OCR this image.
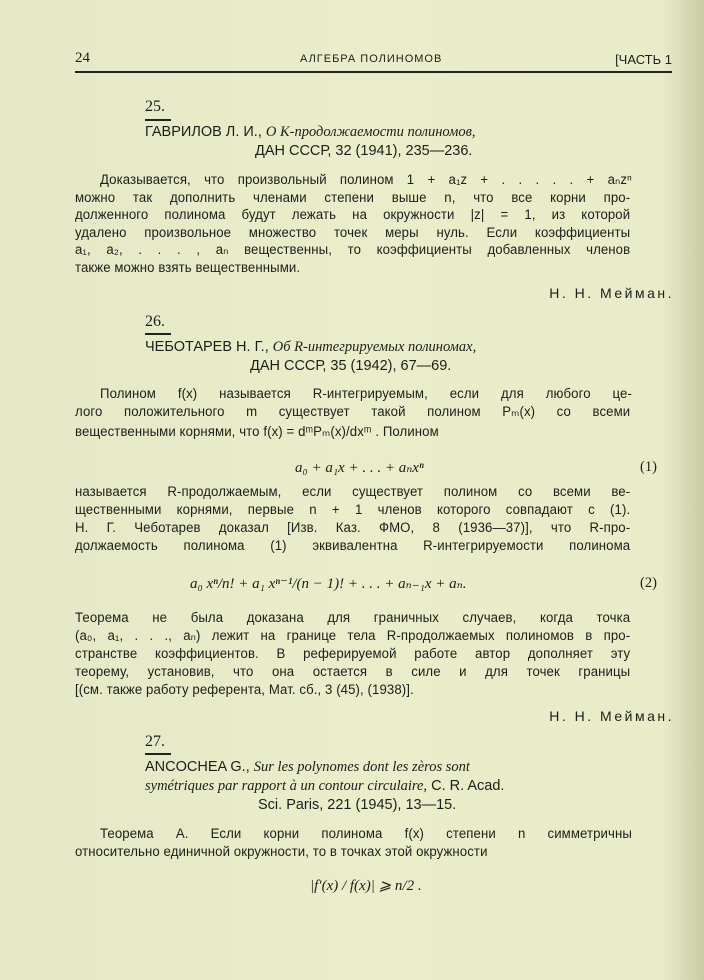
24	АЛГЕБРА ПОЛИНОМОВ	[ЧАСТЬ 1
25.
ГАВРИЛОВ Л. И., О K-продолжаемости полиномов,
ДАН СССР, 32 (1941), 235—236.
Доказывается, что произвольный полином 1 + a₁z + . . . . . + aₙzⁿ
можно так дополнить членами степени выше n, что все корни про-
долженного полинома будут лежать на окружности |z| = 1, из которой
удалено произвольное множество точек меры нуль. Если коэффициенты
a₁, a₂, . . . , aₙ вещественны, то коэффициенты добавленных членов
также можно взять вещественными.
Н. Н. Мейман.
26.
ЧЕБОТАРЕВ Н. Г., Об R-интегрируемых полиномах,
ДАН СССР, 35 (1942), 67—69.
Полином f(x) называется R-интегрируемым, если для любого це-
лого положительного m существует такой полином Pₘ(x) со всеми
вещественными корнями, что f(x) = dᵐPₘ(x)/dxᵐ . Полином
a₀ + a₁x + . . . + aₙxⁿ	(1)
называется R-продолжаемым, если существует полином со всеми ве-
щественными корнями, первые n + 1 членов которого совпадают с (1).
Н. Г. Чеботарев доказал [Изв. Каз. ФМО, 8 (1936—37)], что R-про-
должаемость полинома (1) эквивалентна R-интегрируемости полинома
a₀ xⁿ/n! + a₁ xⁿ⁻¹/(n − 1)! + . . . + aₙ₋₁x + aₙ.	(2)
Теорема не была доказана для граничных случаев, когда точка
(a₀, a₁, . . ., aₙ) лежит на границе тела R-продолжаемых полиномов в про-
странстве коэффициентов. В реферируемой работе автор дополняет эту
теорему, установив, что она остается в силе и для точек границы
[(см. также работу референта, Мат. сб., 3 (45), (1938)].
Н. Н. Мейман.
27.
ANCOCHEA G., Sur les polynomes dont les zèros sont
symétriques par rapport à un contour circulaire, C. R. Acad.
Sci. Paris, 221 (1945), 13—15.
Теорема A. Если корни полинома f(x) степени n симметричны
относительно единичной окружности, то в точках этой окружности
|f′(x) / f(x)| ⩾ n/2 .
